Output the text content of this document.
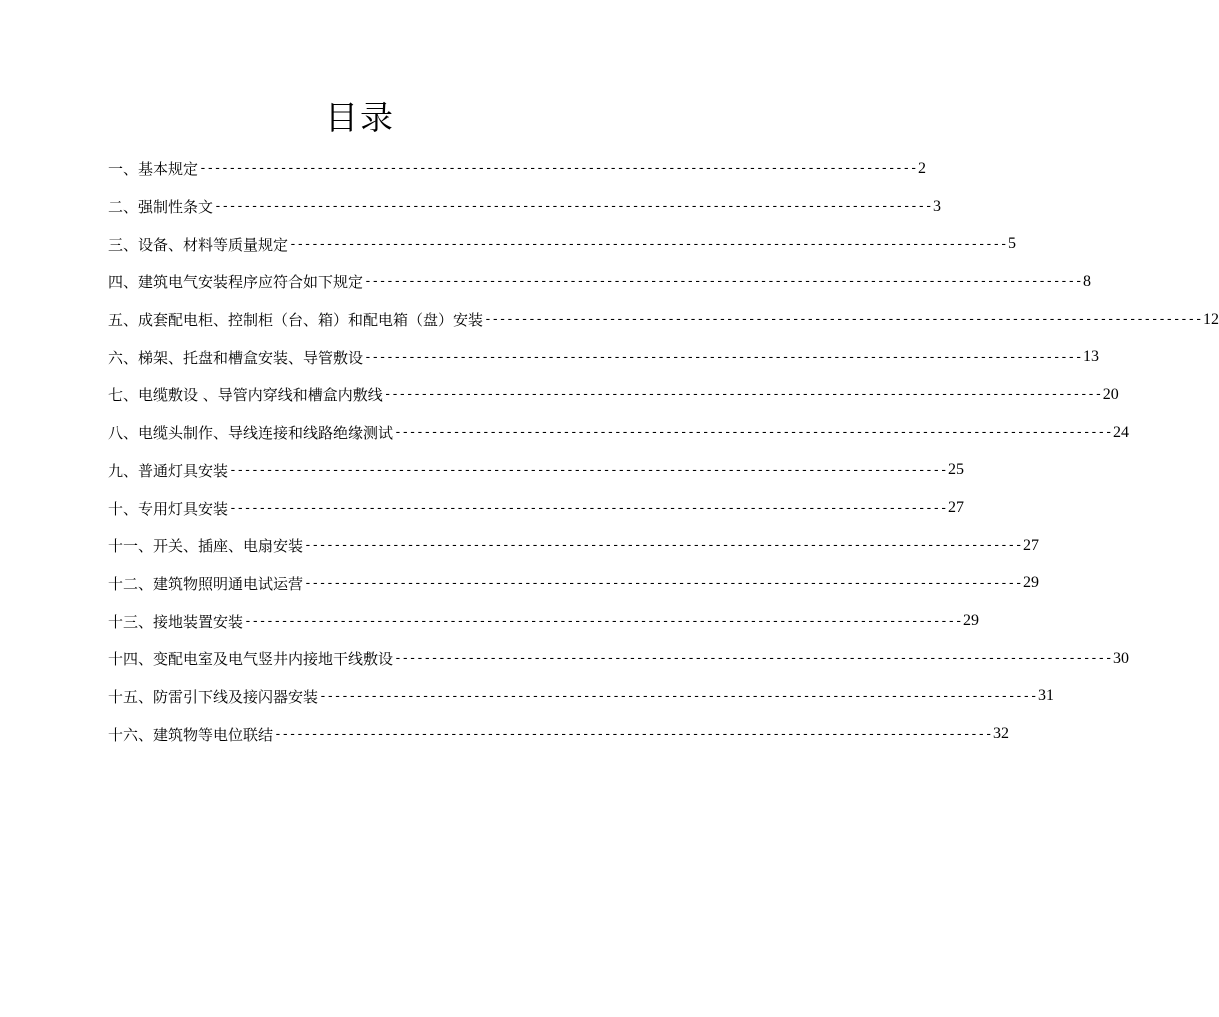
目录
一、基本规定 -------------------------------------------------------------------------------------------------- 2
二、强制性条文 -------------------------------------------------------------------------------------------------- 3
三、设备、材料等质量规定 -------------------------------------------------------------------------------------------------- 5
四、建筑电气安装程序应符合如下规定 -------------------------------------------------------------------------------------------------- 8
五、成套配电柜、控制柜（台、箱）和配电箱（盘）安装 -------------------------------------------------------------------------------------------------- 12
六、梯架、托盘和槽盒安装、导管敷设 -------------------------------------------------------------------------------------------------- 13
七、电缆敷设 、导管内穿线和槽盒内敷线 -------------------------------------------------------------------------------------------------- 20
八、电缆头制作、导线连接和线路绝缘测试 -------------------------------------------------------------------------------------------------- 24
九、普通灯具安装 -------------------------------------------------------------------------------------------------- 25
十、专用灯具安装 -------------------------------------------------------------------------------------------------- 27
十一、开关、插座、电扇安装 -------------------------------------------------------------------------------------------------- 27
十二、建筑物照明通电试运营 -------------------------------------------------------------------------------------------------- 29
十三、接地装置安装 -------------------------------------------------------------------------------------------------- 29
十四、变配电室及电气竖井内接地干线敷设 -------------------------------------------------------------------------------------------------- 30
十五、防雷引下线及接闪器安装 -------------------------------------------------------------------------------------------------- 31
十六、建筑物等电位联结 -------------------------------------------------------------------------------------------------- 32
